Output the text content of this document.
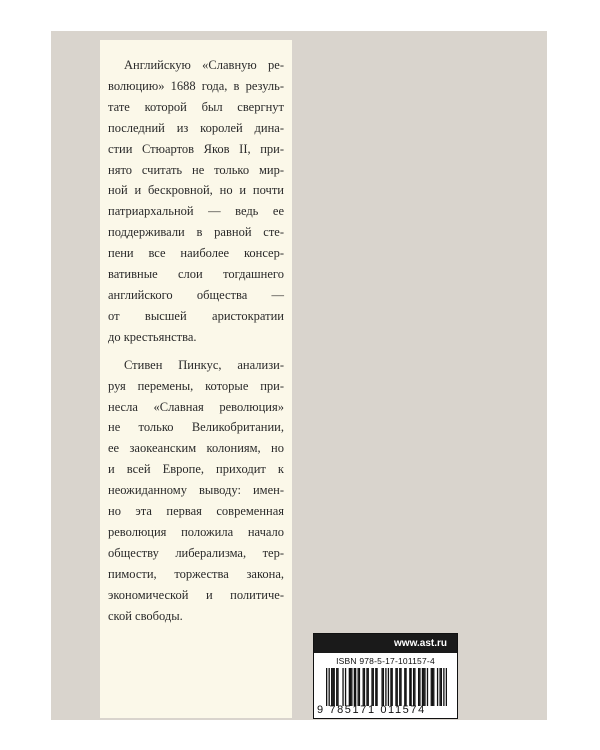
Английскую «Славную ре-
волюцию» 1688 года, в резуль-
тате которой был свергнут
последний из королей дина-
стии Стюартов Яков II, при-
нято считать не только мир-
ной и бескровной, но и почти
патриархальной — ведь ее
поддерживали в равной сте-
пени все наиболее консер-
вативные слои тогдашнего
английского общества —
от высшей аристократии
до крестьянства.
Стивен Пинкус, анализи-
руя перемены, которые при-
несла «Славная революция»
не только Великобритании,
ее заокеанским колониям, но
и всей Европе, приходит к
неожиданному выводу: имен-
но эта первая современная
революция положила начало
обществу либерализма, тер-
пимости, торжества закона,
экономической и политиче-
ской свободы.
www.ast.ru
ISBN 978-5-17-101157-4
9 785171 011574
